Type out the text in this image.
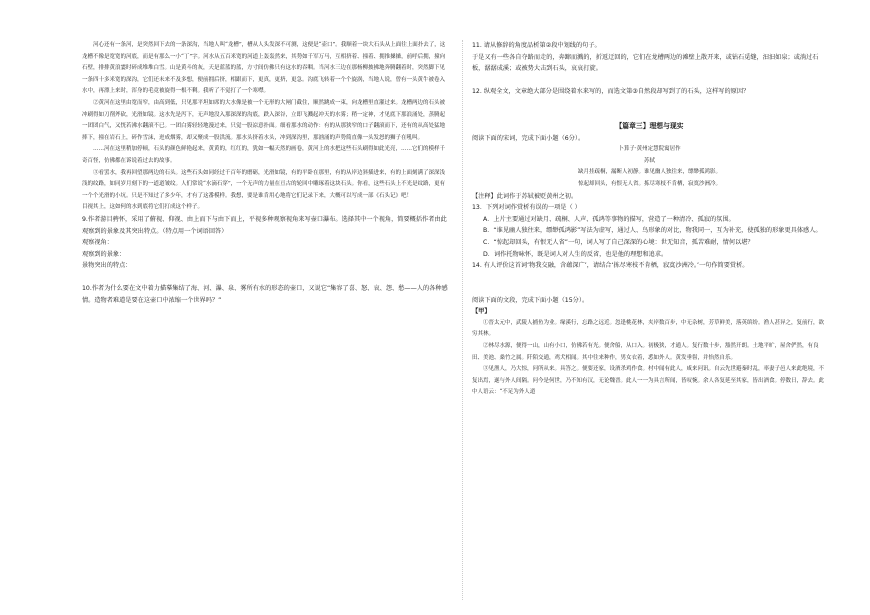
河心还有一条河，是突然回下去的一条深沟，当地人叫“龙槽”，槽从人头发深不可测，这便是“壶口”。我顺着一块大石头从上面往上面扑去了，这龙槽不像是宽宽的河底，而是有那么一小“丁”字。河水从五百米宽的河道上轰轰然来，其势如千军万马，互相挤着、撞着、拥推搡搡，前呼后拥，撞向石壁，排排黄浪霎时碎成堆堆白雪。山是黄斗的灰，天是蓝蓝的蓝，方寸间仿佛只有这水的吞咽。当河水三边在那杨柳披拂地奔腾翻着时，突然脚下见一条四十多米宽的深沟，它们还未来不及多想，便前拥后挤，相跟而下，更真，更挤，更急。沟底飞转着一个个旋涡，当地人说，曾有一头黄牛被卷入水中，再漂上来时，浑身的毛竟被旋得一根不剩。我听了不觉打了一个寒噤。

②黄河在这里由宽而窄，由高到低，只见那平坦如席的大水像是被一个无形的大闸门截住，顺然跳成一束，向龙槽里直灌过来。龙槽两边的石头被冲刷得如刀削斧砍，光滑如镜。这水先是泻下，无声地没入那深深的沟底，跌入深谷，立即飞溅起冲天的水雾；稍一定神，才见底下那浪涌处，蒸腾起一团团白气，又恍若沸水翻滚不已。一团白雾轻轻地漫过来，只觉一股凉意扑面。细看那水的动作：有的从那狭窄的口子翻滚而下，还有的从高处猛地摔下，撞在岩石上，碎作雪沫，迸成烟雾，却又聚成一股洪流。那水头挤着水头，冲到深沟里，那汹涌的声势简直像一头发怒的狮子在吼叫。

……河在这里稍加停顿，石头的颜色鲜艳起来，黄黄的，红红的，犹如一幅天然的画卷，黄河上的水把这些石头刷得如此光亮，……它们的模样千奇百怪，仿佛都在诉说着过去的故事。

③看罢水，我再回望那两边的石头。这些石头如同经过千百年的磨砺，光滑如镜，有的平卧在那里，有的从岸边斜插进来，有的上面刻满了深深浅浅的纹路，如同岁月刻下的一道道皱纹。人们常说“水滴石穿”，一个无声的力量在亘古的轮回中雕琢着这块石头。你看，这些石头上不光是纹路，更有一个个光滑的小坑。只是不知过了多少年，才有了这番模样。我想，要是谁肯用心地将它们记录下来，大概可以写成一部《石头记》吧！

目视其上，这如何的水到底将它们打成这个样子。

9.作者游目骋怀，采用了俯视、仰视、由上而下与由下而上，平视多种观察视角来写壶口瀑布。选择其中一个视角，简要概括作者由此观察到的景象及其突出特点。（特点用一个词语回答）

观察视角：

观察到的景象：

景物突出的特点：

10.作者为什么要在文中着力描摹集结了海、河、瀑、泉、雾所有水的形态的壶口，又说它“集容了喜、怒、哀、怨、愁——人的各种感情。造物者难道是要在这壶口中浓缩一个世界吗？”

11. 请从修辞的角度品析第②段中划线的句子。

于是又有一些各自夺路而走的，奔蹿而溅的，折返迂回的，它们在龙槽两边的滩壁上散开来，或钻石觅缝，汩汩如泉；或淌过石板，潺潺成溪；或被势大击到石头，哀哀打旋。

12. 纵观全文，文章绝大部分是围绕着水来写的，而选文第③自然段却写到了的石头，这样写的原因？

【篇章三】理想与现实

阅读下面的宋词，完成下面小题（6分）。

卜算子·黄州定慧院寓居作

苏轼

缺月挂疏桐，漏断人初静。谁见幽人独往来，缥缈孤鸿影。

惊起却回头，有恨无人省。拣尽寒枝不肯栖，寂寞沙洲冷。

【注释】此词作于苏轼被贬黄州之初。

13．下列对词作赏析有误的一项是（ ）

A．上片主要通过对缺月、疏桐、人声、孤鸿等事物的描写，营造了一种清冷、孤寂的氛围。

B．“谁见幽人独往来，缥缈孤鸿影”写法为虚写，通过人、鸟形象的对比，物我同一，互为补充，使孤独的形象更具体感人。

C．“惊起却回头，有恨无人省”一句，词人写了自己深深的心境：世无知音，孤苦难耐，情何以堪？

D．词作托物咏怀，既是词人对人生的反省，也是他的理想和追求。

14. 有人评价这首词‘物我交融，含蕴深广’，请结合‘拣尽寒枝不肯栖，寂寞沙洲冷。’一句作简要赏析。

阅读下面的文段，完成下面小题（15分）。

【甲】

①晋太元中，武陵人捕鱼为业。缘溪行，忘路之远近。忽逢桃花林，夹岸数百步，中无杂树，芳草鲜美，落英缤纷。渔人甚异之，复前行，欲穷其林。

②林尽水源，便得一山，山有小口，仿佛若有光。便舍船，从口入。初极狭，才通人。复行数十步，豁然开朗。土地平旷，屋舍俨然，有良田、美池、桑竹之属。阡陌交通，鸡犬相闻。其中往来种作，男女衣着，悉如外人。黄发垂髫，并怡然自乐。

③见渔人，乃大惊，问所从来。具答之。便要还家，设酒杀鸡作食。村中闻有此人，咸来问讯。自云先世避秦时乱，率妻子邑人来此绝境，不复出焉，遂与外人间隔。问今是何世，乃不知有汉，无论魏晋。此人一一为具言所闻，皆叹惋。余人各复延至其家，皆出酒食。停数日，辞去。此中人语云：“不足为外人道
